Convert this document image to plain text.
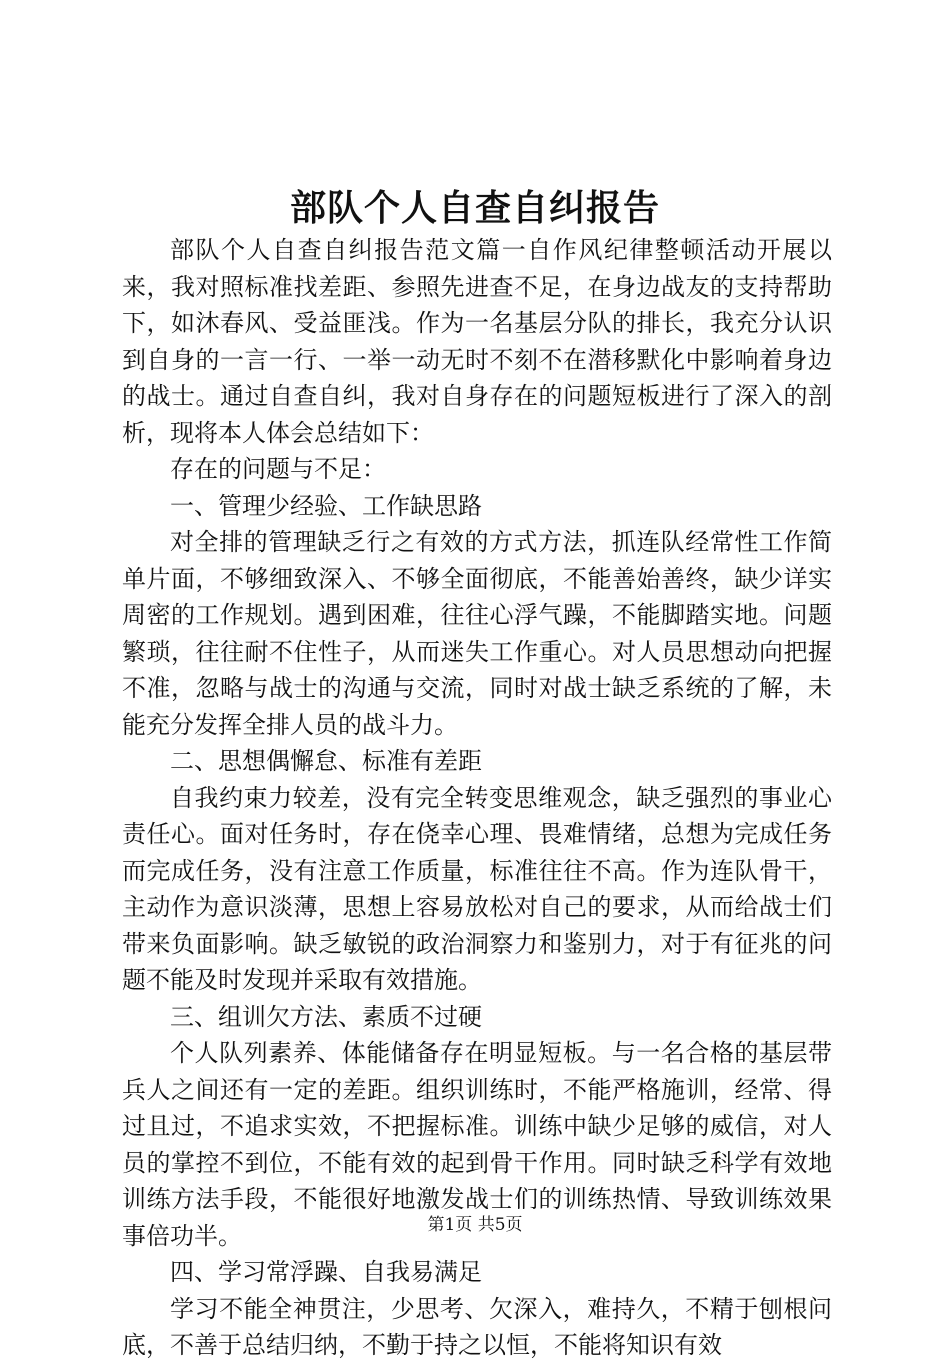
部队个人自查自纠报告

部队个人自查自纠报告范文篇一自作风纪律整顿活动开展以来，我对照标准找差距、参照先进查不足，在身边战友的支持帮助下，如沐春风、受益匪浅。作为一名基层分队的排长，我充分认识到自身的一言一行、一举一动无时不刻不在潜移默化中影响着身边的战士。通过自查自纠，我对自身存在的问题短板进行了深入的剖析，现将本人体会总结如下：

存在的问题与不足：

一、管理少经验、工作缺思路

对全排的管理缺乏行之有效的方式方法，抓连队经常性工作简单片面，不够细致深入、不够全面彻底，不能善始善终，缺少详实周密的工作规划。遇到困难，往往心浮气躁，不能脚踏实地。问题繁琐，往往耐不住性子，从而迷失工作重心。对人员思想动向把握不准，忽略与战士的沟通与交流，同时对战士缺乏系统的了解，未能充分发挥全排人员的战斗力。

二、思想偶懈怠、标准有差距

自我约束力较差，没有完全转变思维观念，缺乏强烈的事业心责任心。面对任务时，存在侥幸心理、畏难情绪，总想为完成任务而完成任务，没有注意工作质量，标准往往不高。作为连队骨干，主动作为意识淡薄，思想上容易放松对自己的要求，从而给战士们带来负面影响。缺乏敏锐的政治洞察力和鉴别力，对于有征兆的问题不能及时发现并采取有效措施。

三、组训欠方法、素质不过硬

个人队列素养、体能储备存在明显短板。与一名合格的基层带兵人之间还有一定的差距。组织训练时，不能严格施训，经常、得过且过，不追求实效，不把握标准。训练中缺少足够的威信，对人员的掌控不到位，不能有效的起到骨干作用。同时缺乏科学有效地训练方法手段，不能很好地激发战士们的训练热情、导致训练效果事倍功半。

四、学习常浮躁、自我易满足

学习不能全神贯注，少思考、欠深入，难持久，不精于刨根问底，不善于总结归纳，不勤于持之以恒，不能将知识有效

第1页 共5页
